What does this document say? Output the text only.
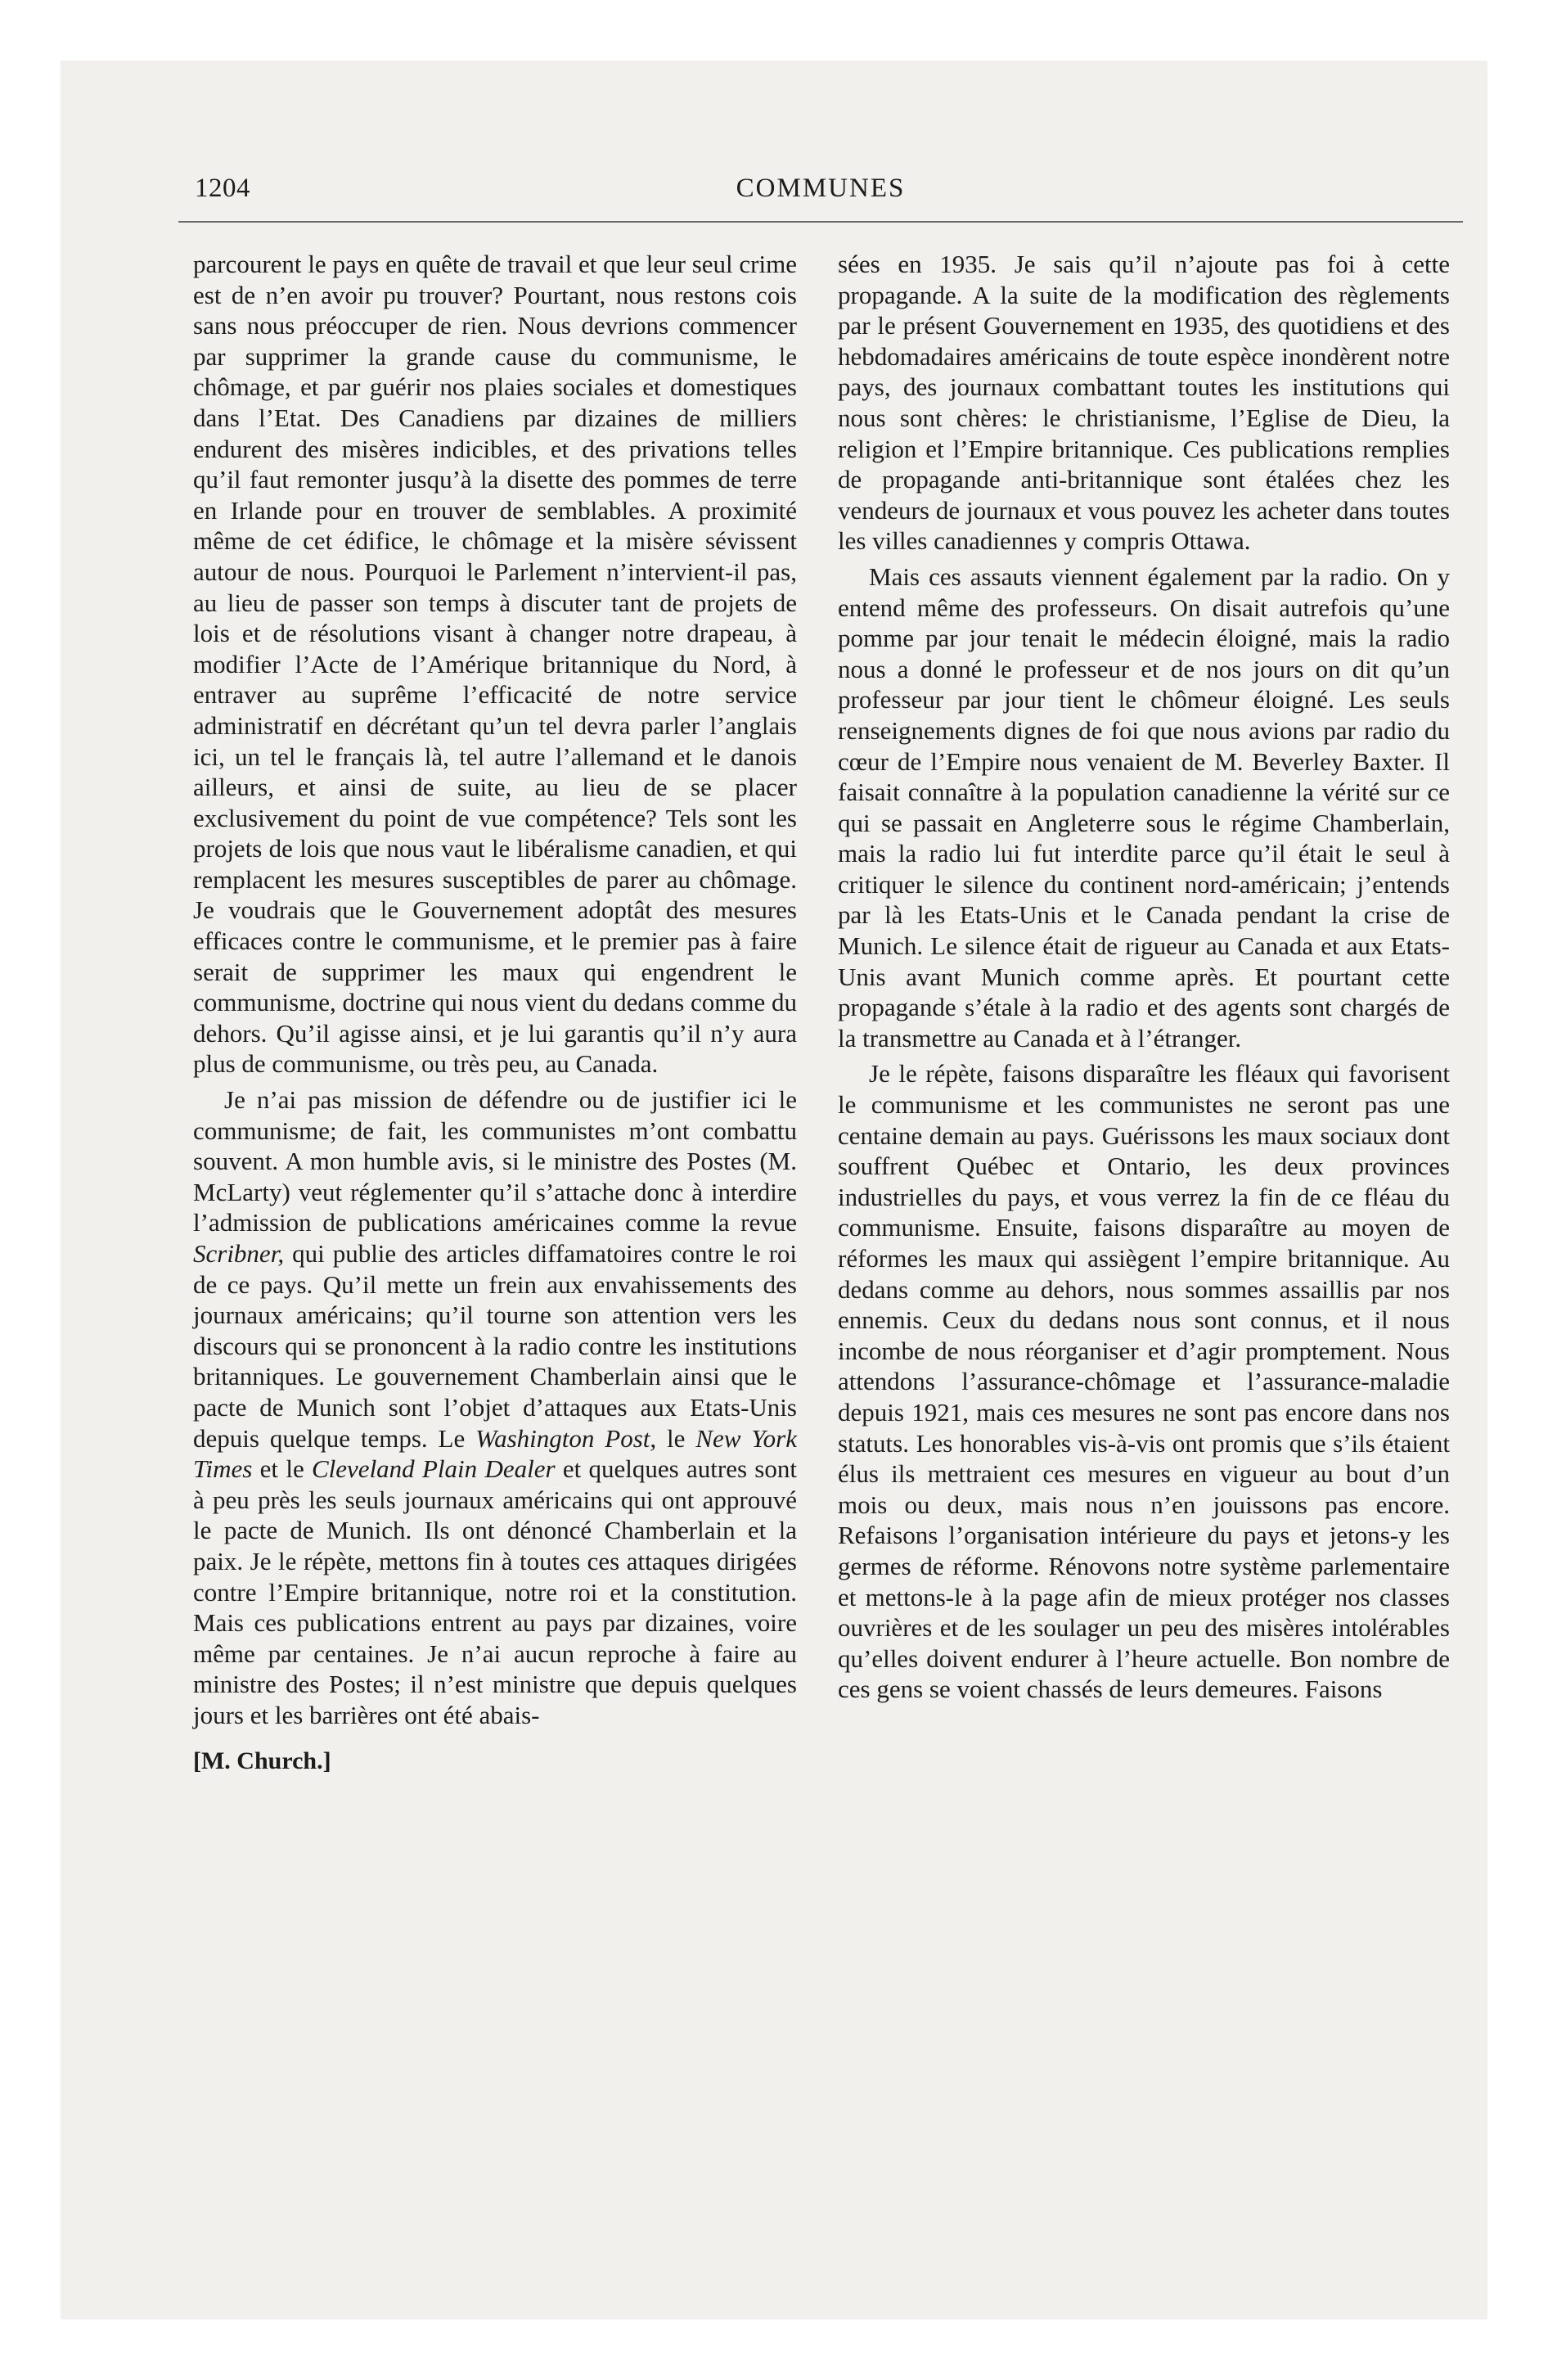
1204	COMMUNES

parcourent le pays en quête de travail et que leur seul crime est de n’en avoir pu trouver? Pourtant, nous restons cois sans nous préoccuper de rien. Nous devrions commencer par supprimer la grande cause du communisme, le chômage, et par guérir nos plaies sociales et domestiques dans l’Etat. Des Canadiens par dizaines de milliers endurent des misères indicibles, et des privations telles qu’il faut remonter jusqu’à la disette des pommes de terre en Irlande pour en trouver de semblables. A proximité même de cet édifice, le chômage et la misère sévissent autour de nous. Pourquoi le Parlement n’intervient-il pas, au lieu de passer son temps à discuter tant de projets de lois et de résolutions visant à changer notre drapeau, à modifier l’Acte de l’Amérique britannique du Nord, à entraver au suprême l’efficacité de notre service administratif en décrétant qu’un tel devra parler l’anglais ici, un tel le français là, tel autre l’allemand et le danois ailleurs, et ainsi de suite, au lieu de se placer exclusivement du point de vue compétence? Tels sont les projets de lois que nous vaut le libéralisme canadien, et qui remplacent les mesures susceptibles de parer au chômage. Je voudrais que le Gouvernement adoptât des mesures efficaces contre le communisme, et le premier pas à faire serait de supprimer les maux qui engendrent le communisme, doctrine qui nous vient du dedans comme du dehors. Qu’il agisse ainsi, et je lui garantis qu’il n’y aura plus de communisme, ou très peu, au Canada.

Je n’ai pas mission de défendre ou de justifier ici le communisme; de fait, les communistes m’ont combattu souvent. A mon humble avis, si le ministre des Postes (M. McLarty) veut réglementer qu’il s’attache donc à interdire l’admission de publications américaines comme la revue Scribner, qui publie des articles diffamatoires contre le roi de ce pays. Qu’il mette un frein aux envahissements des journaux américains; qu’il tourne son attention vers les discours qui se prononcent à la radio contre les institutions britanniques. Le gouvernement Chamberlain ainsi que le pacte de Munich sont l’objet d’attaques aux Etats-Unis depuis quelque temps. Le Washington Post, le New York Times et le Cleveland Plain Dealer et quelques autres sont à peu près les seuls journaux américains qui ont approuvé le pacte de Munich. Ils ont dénoncé Chamberlain et la paix. Je le répète, mettons fin à toutes ces attaques dirigées contre l’Empire britannique, notre roi et la constitution. Mais ces publications entrent au pays par dizaines, voire même par centaines. Je n’ai aucun reproche à faire au ministre des Postes; il n’est ministre que depuis quelques jours et les barrières ont été abais-

[M. Church.]

sées en 1935. Je sais qu’il n’ajoute pas foi à cette propagande. A la suite de la modification des règlements par le présent Gouvernement en 1935, des quotidiens et des hebdomadaires américains de toute espèce inondèrent notre pays, des journaux combattant toutes les institutions qui nous sont chères: le christianisme, l’Eglise de Dieu, la religion et l’Empire britannique. Ces publications remplies de propagande anti-britannique sont étalées chez les vendeurs de journaux et vous pouvez les acheter dans toutes les villes canadiennes y compris Ottawa.

Mais ces assauts viennent également par la radio. On y entend même des professeurs. On disait autrefois qu’une pomme par jour tenait le médecin éloigné, mais la radio nous a donné le professeur et de nos jours on dit qu’un professeur par jour tient le chômeur éloigné. Les seuls renseignements dignes de foi que nous avions par radio du cœur de l’Empire nous venaient de M. Beverley Baxter. Il faisait connaître à la population canadienne la vérité sur ce qui se passait en Angleterre sous le régime Chamberlain, mais la radio lui fut interdite parce qu’il était le seul à critiquer le silence du continent nord-américain; j’entends par là les Etats-Unis et le Canada pendant la crise de Munich. Le silence était de rigueur au Canada et aux Etats-Unis avant Munich comme après. Et pourtant cette propagande s’étale à la radio et des agents sont chargés de la transmettre au Canada et à l’étranger.

Je le répète, faisons disparaître les fléaux qui favorisent le communisme et les communistes ne seront pas une centaine demain au pays. Guérissons les maux sociaux dont souffrent Québec et Ontario, les deux provinces industrielles du pays, et vous verrez la fin de ce fléau du communisme. Ensuite, faisons disparaître au moyen de réformes les maux qui assiègent l’empire britannique. Au dedans comme au dehors, nous sommes assaillis par nos ennemis. Ceux du dedans nous sont connus, et il nous incombe de nous réorganiser et d’agir promptement. Nous attendons l’assurance-chômage et l’assurance-maladie depuis 1921, mais ces mesures ne sont pas encore dans nos statuts. Les honorables vis-à-vis ont promis que s’ils étaient élus ils mettraient ces mesures en vigueur au bout d’un mois ou deux, mais nous n’en jouissons pas encore. Refaisons l’organisation intérieure du pays et jetons-y les germes de réforme. Rénovons notre système parlementaire et mettons-le à la page afin de mieux protéger nos classes ouvrières et de les soulager un peu des misères intolérables qu’elles doivent endurer à l’heure actuelle. Bon nombre de ces gens se voient chassés de leurs demeures. Faisons
